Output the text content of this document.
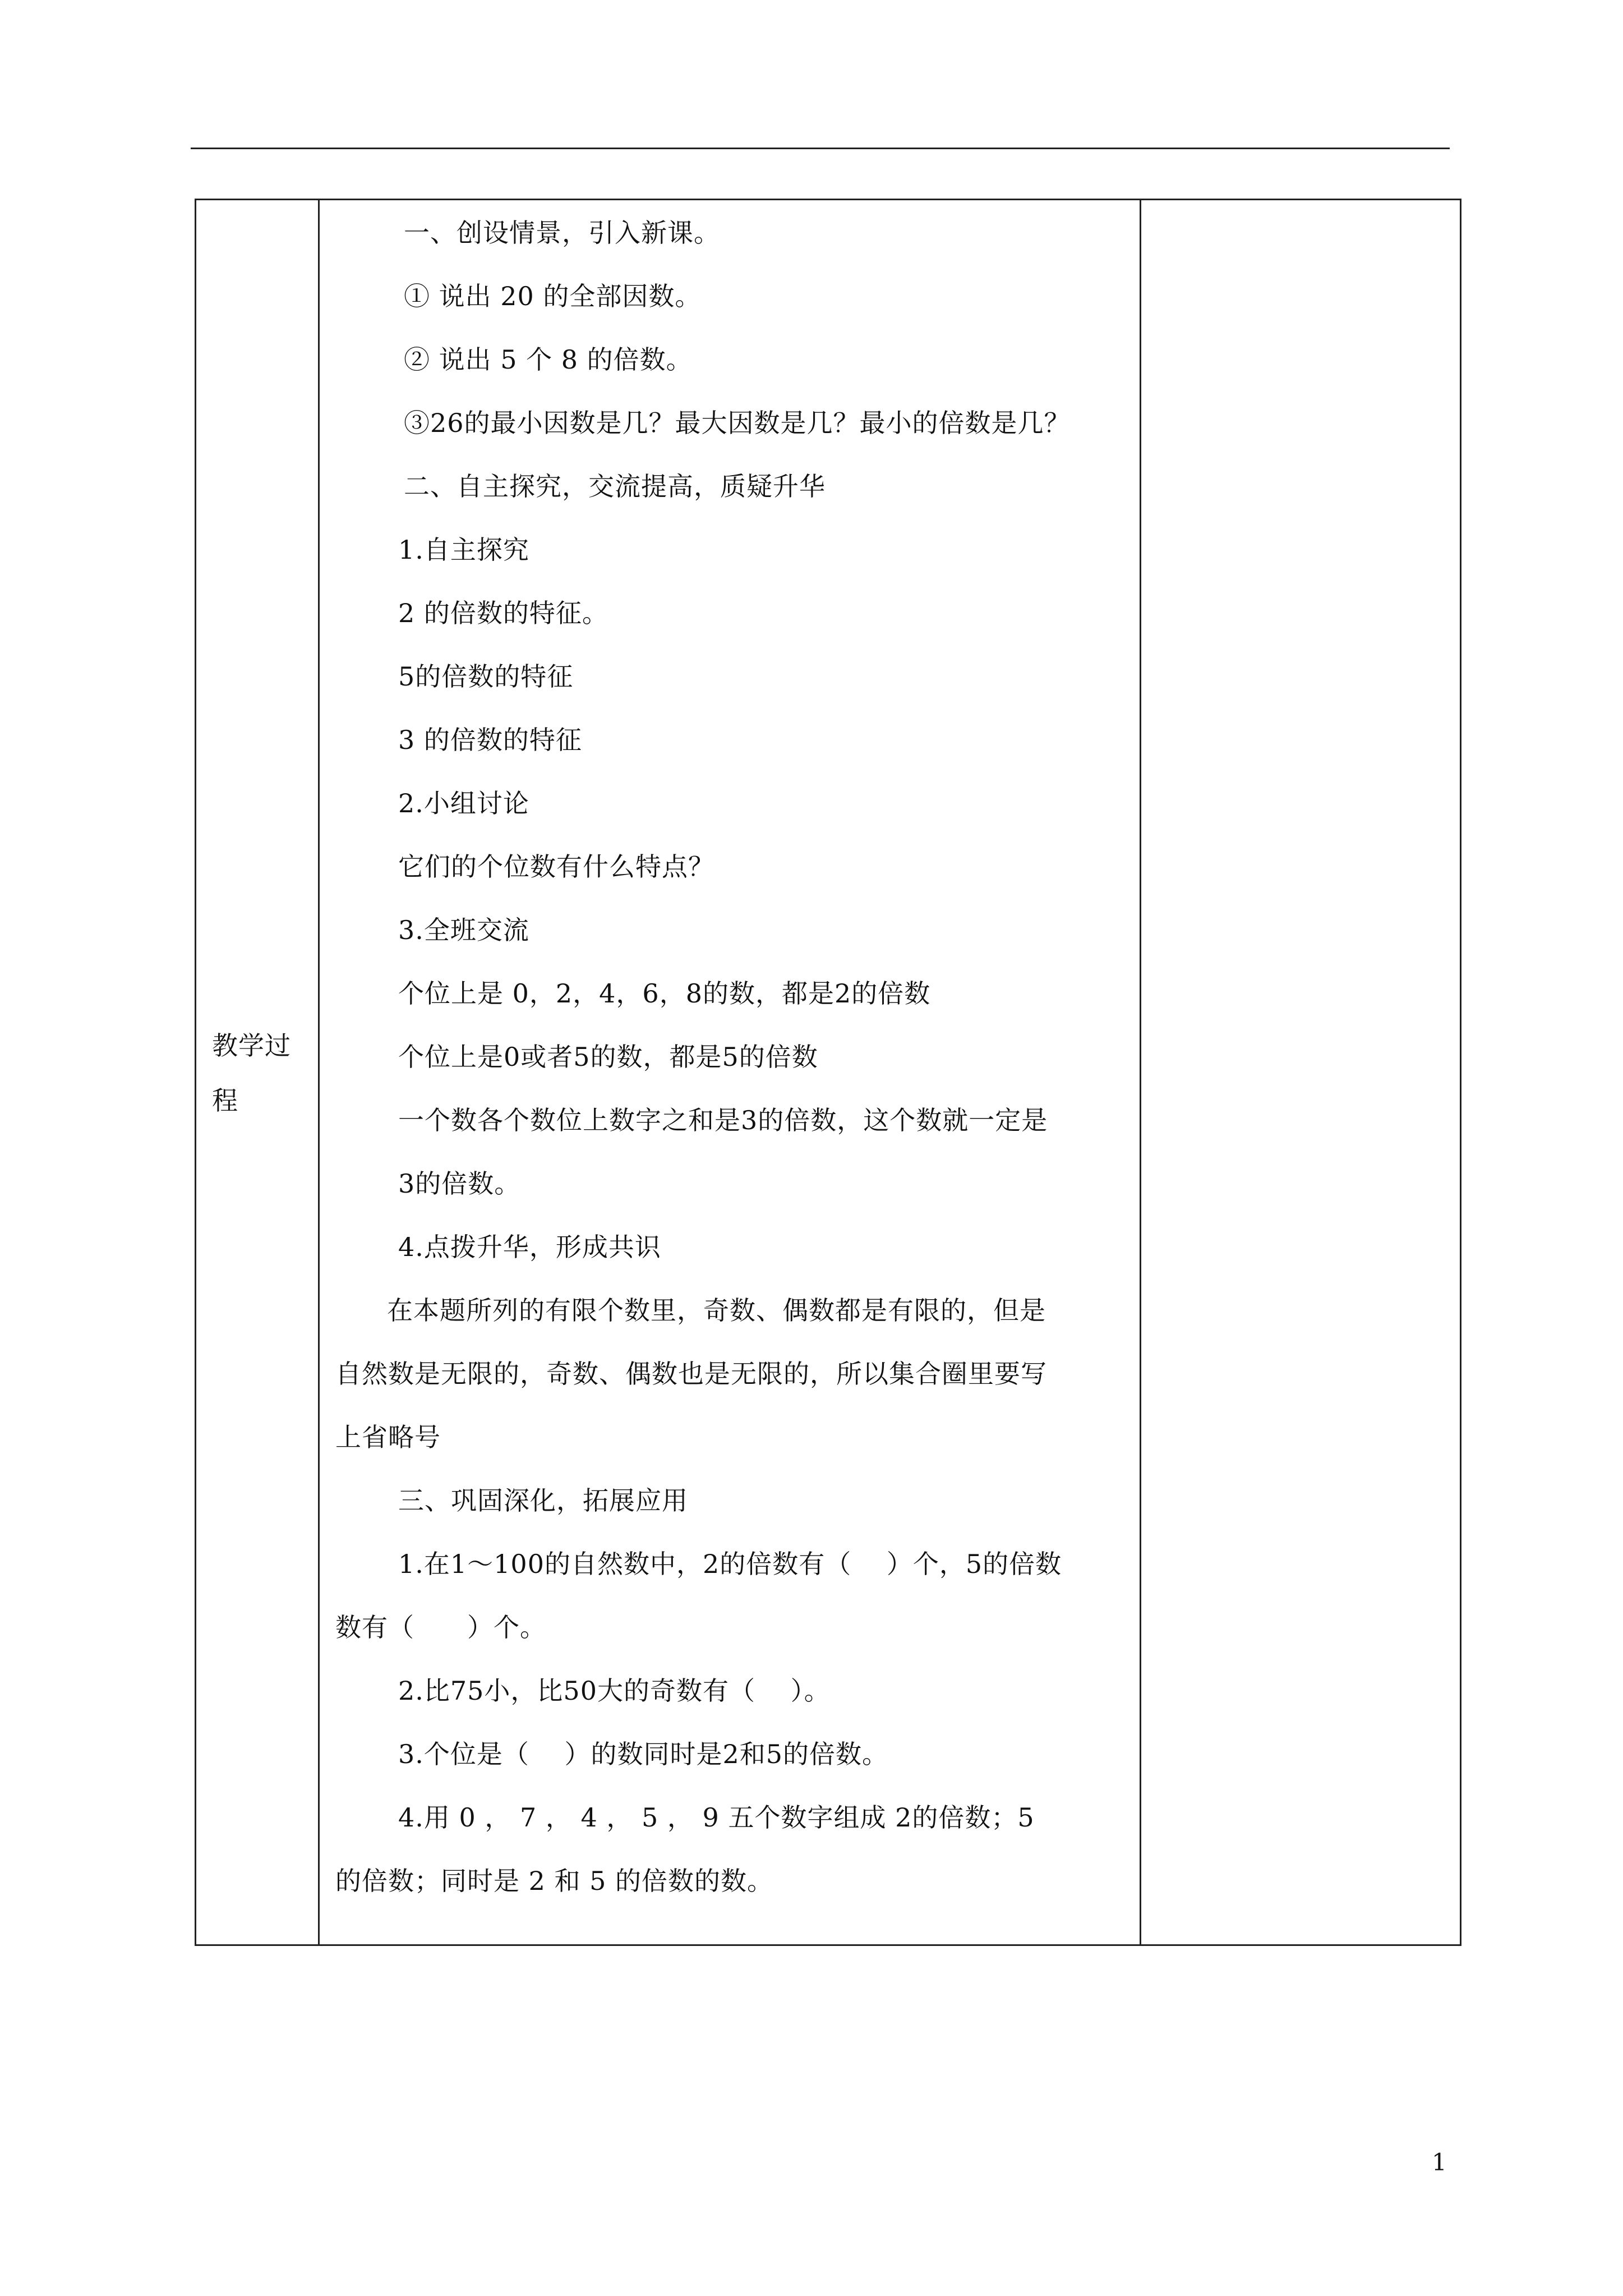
教学过程
一、创设情景，引入新课。
① 说出 20 的全部因数。
② 说出 5 个 8 的倍数。
③26的最小因数是几？最大因数是几？最小的倍数是几？
二、自主探究，交流提高，质疑升华
1.自主探究
2 的倍数的特征。
5的倍数的特征
3 的倍数的特征
2.小组讨论
它们的个位数有什么特点？
3.全班交流
个位上是 0，2，4，6，8的数，都是2的倍数
个位上是0或者5的数，都是5的倍数
一个数各个数位上数字之和是3的倍数，这个数就一定是
3的倍数。
4.点拨升华，形成共识
在本题所列的有限个数里，奇数、偶数都是有限的，但是
自然数是无限的，奇数、偶数也是无限的，所以集合圈里要写
上省略号
三、巩固深化，拓展应用
1.在1～100的自然数中，2的倍数有（　 ）个，5的倍数
数有（　　）个。
2.比75小，比50大的奇数有（　 ）。
3.个位是（　 ）的数同时是2和5的倍数。
4.用 0 ， 7 ， 4 ， 5 ， 9 五个数字组成 2的倍数；5
的倍数；同时是 2 和 5 的倍数的数。
1
